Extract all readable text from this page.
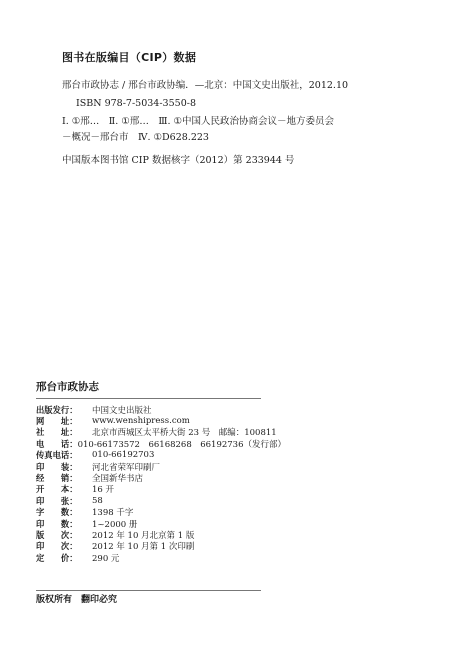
图书在版编目（CIP）数据
邢台市政协志 / 邢台市政协编．—北京：中国文史出版社，2012.10
ISBN 978-7-5034-3550-8
Ⅰ. ①邢…　Ⅱ. ①邢…　Ⅲ. ①中国人民政治协商会议－地方委员会
－概况－邢台市　Ⅳ. ①D628.223
中国版本图书馆 CIP 数据核字（2012）第 233944 号
邢台市政协志
出版发行：	中国文史出版社
网　　址：	www.wenshipress.com
社　　址：	北京市西城区太平桥大街 23 号　邮编：100811
电　　话： 010-66173572　66168268　66192736（发行部）
传真电话：	010-66192703
印　　装：	河北省荣军印刷厂
经　　销：	全国新华书店
开　　本：	16 开
印　　张：	58
字　　数：	1398 千字
印　　数：	1~2000 册
版　　次：	2012 年 10 月北京第 1 版
印　　次：	2012 年 10 月第 1 次印刷
定　　价：	290 元
版权所有　翻印必究
